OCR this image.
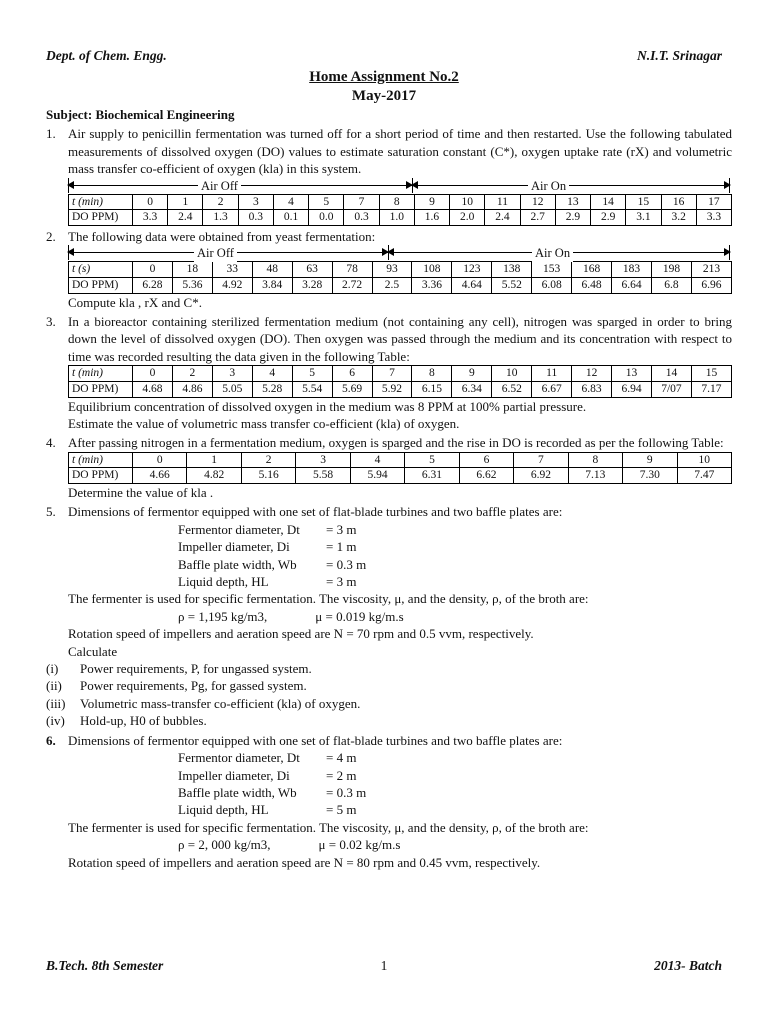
Dept. of Chem. Engg.	N.I.T. Srinagar
Home Assignment No.2
May-2017
Subject: Biochemical Engineering
1. Air supply to penicillin fermentation was turned off for a short period of time and then restarted. Use the following tabulated measurements of dissolved oxygen (DO) values to estimate saturation constant (C*), oxygen uptake rate (rX) and volumetric mass transfer co-efficient of oxygen (kla) in this system.
Air Off	Air On
t (min)	0	1	2	3	4	5	7	8	9	10	11	12	13	14	15	16	17
DO PPM)	3.3	2.4	1.3	0.3	0.1	0.0	0.3	1.0	1.6	2.0	2.4	2.7	2.9	2.9	3.1	3.2	3.3
2. The following data were obtained from yeast fermentation:
Air Off	Air On
t (s)	0	18	33	48	63	78	93	108	123	138	153	168	183	198	213
DO PPM)	6.28	5.36	4.92	3.84	3.28	2.72	2.5	3.36	4.64	5.52	6.08	6.48	6.64	6.8	6.96
Compute kla , rX and C*.
3. In a bioreactor containing sterilized fermentation medium (not containing any cell), nitrogen was sparged in order to bring down the level of dissolved oxygen (DO). Then oxygen was passed through the medium and its concentration with respect to time was recorded resulting the data given in the following Table:
t (min)	0	2	3	4	5	6	7	8	9	10	11	12	13	14	15
DO PPM)	4.68	4.86	5.05	5.28	5.54	5.69	5.92	6.15	6.34	6.52	6.67	6.83	6.94	7/07	7.17
Equilibrium concentration of dissolved oxygen in the medium was 8 PPM at 100% partial pressure.
Estimate the value of volumetric mass transfer co-efficient (kla) of oxygen.
4. After passing nitrogen in a fermentation medium, oxygen is sparged and the rise in DO is recorded as per the following Table:
t (min)	0	1	2	3	4	5	6	7	8	9	10
DO PPM)	4.66	4.82	5.16	5.58	5.94	6.31	6.62	6.92	7.13	7.30	7.47
Determine the value of kla .
5. Dimensions of fermentor equipped with one set of flat-blade turbines and two baffle plates are:
Fermentor diameter, Dt	= 3 m
Impeller diameter, Di	= 1 m
Baffle plate width, Wb	= 0.3 m
Liquid depth, HL	= 3 m
The fermenter is used for specific fermentation. The viscosity, μ, and the density, ρ, of the broth are:
ρ = 1,195 kg/m3,	μ = 0.019 kg/m.s
Rotation speed of impellers and aeration speed are N = 70 rpm and 0.5 vvm, respectively.
Calculate
(i)	Power requirements, P, for ungassed system.
(ii)	Power requirements, Pg, for gassed system.
(iii)	Volumetric mass-transfer co-efficient (kla) of oxygen.
(iv)	Hold-up, H0 of bubbles.
6. Dimensions of fermentor equipped with one set of flat-blade turbines and two baffle plates are:
Fermentor diameter, Dt	= 4 m
Impeller diameter, Di	= 2 m
Baffle plate width, Wb	= 0.3 m
Liquid depth, HL	= 5 m
The fermenter is used for specific fermentation. The viscosity, μ, and the density, ρ, of the broth are:
ρ = 2, 000 kg/m3,	μ = 0.02 kg/m.s
Rotation speed of impellers and aeration speed are N = 80 rpm and 0.45 vvm, respectively.
B.Tech. 8th Semester	1	2013- Batch
